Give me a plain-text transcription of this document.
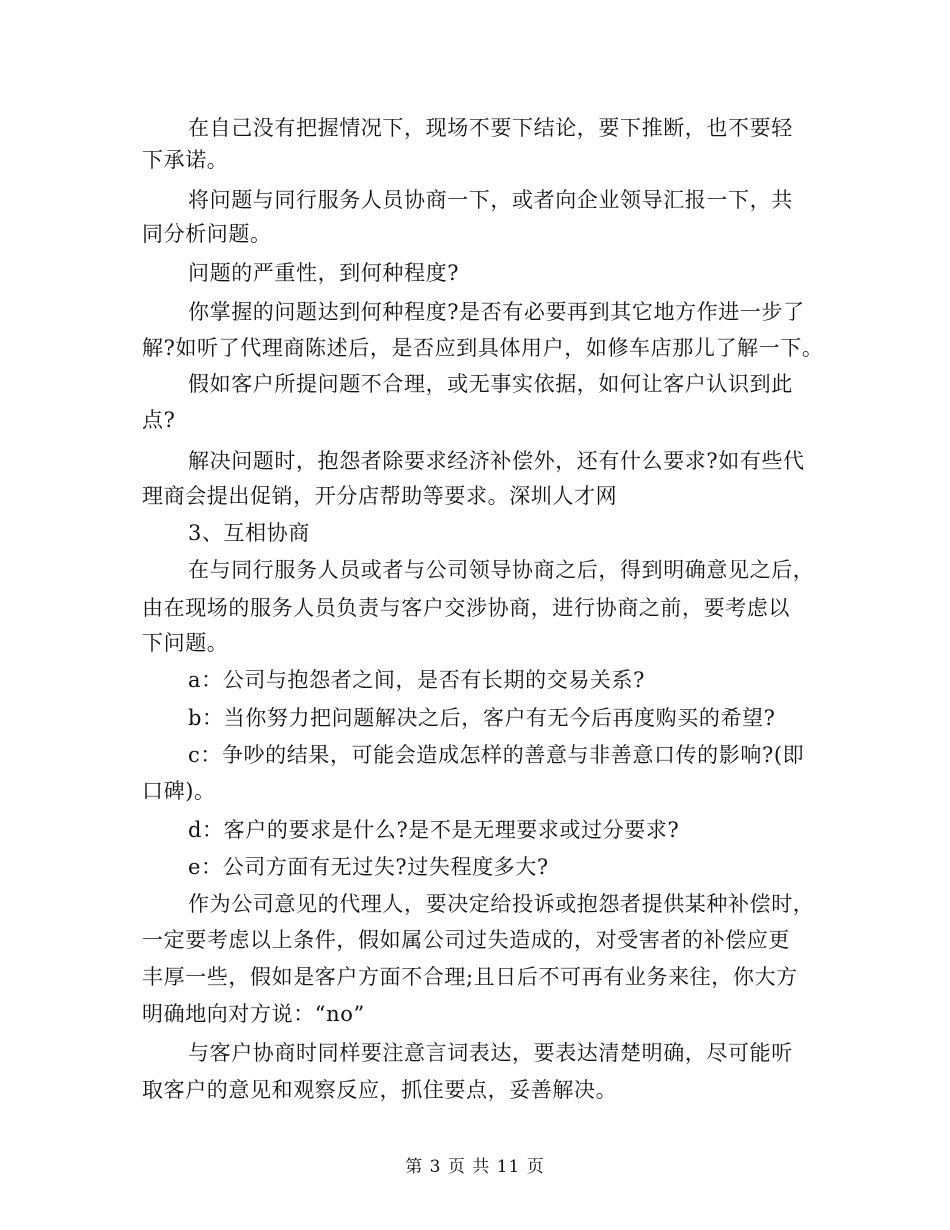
在自己没有把握情况下，现场不要下结论，要下推断，也不要轻
下承诺。
将问题与同行服务人员协商一下，或者向企业领导汇报一下，共
同分析问题。
问题的严重性，到何种程度?
你掌握的问题达到何种程度?是否有必要再到其它地方作进一步了
解?如听了代理商陈述后，是否应到具体用户，如修车店那儿了解一下。
假如客户所提问题不合理，或无事实依据，如何让客户认识到此
点?
解决问题时，抱怨者除要求经济补偿外，还有什么要求?如有些代
理商会提出促销，开分店帮助等要求。深圳人才网
3、互相协商
在与同行服务人员或者与公司领导协商之后，得到明确意见之后，
由在现场的服务人员负责与客户交涉协商，进行协商之前，要考虑以
下问题。
a：公司与抱怨者之间，是否有长期的交易关系?
b：当你努力把问题解决之后，客户有无今后再度购买的希望?
c：争吵的结果，可能会造成怎样的善意与非善意口传的影响?(即
口碑)。
d：客户的要求是什么?是不是无理要求或过分要求?
e：公司方面有无过失?过失程度多大?
作为公司意见的代理人，要决定给投诉或抱怨者提供某种补偿时，
一定要考虑以上条件，假如属公司过失造成的，对受害者的补偿应更
丰厚一些，假如是客户方面不合理;且日后不可再有业务来往，你大方
明确地向对方说：“no”
与客户协商时同样要注意言词表达，要表达清楚明确，尽可能听
取客户的意见和观察反应，抓住要点，妥善解决。
第 3 页 共 11 页
